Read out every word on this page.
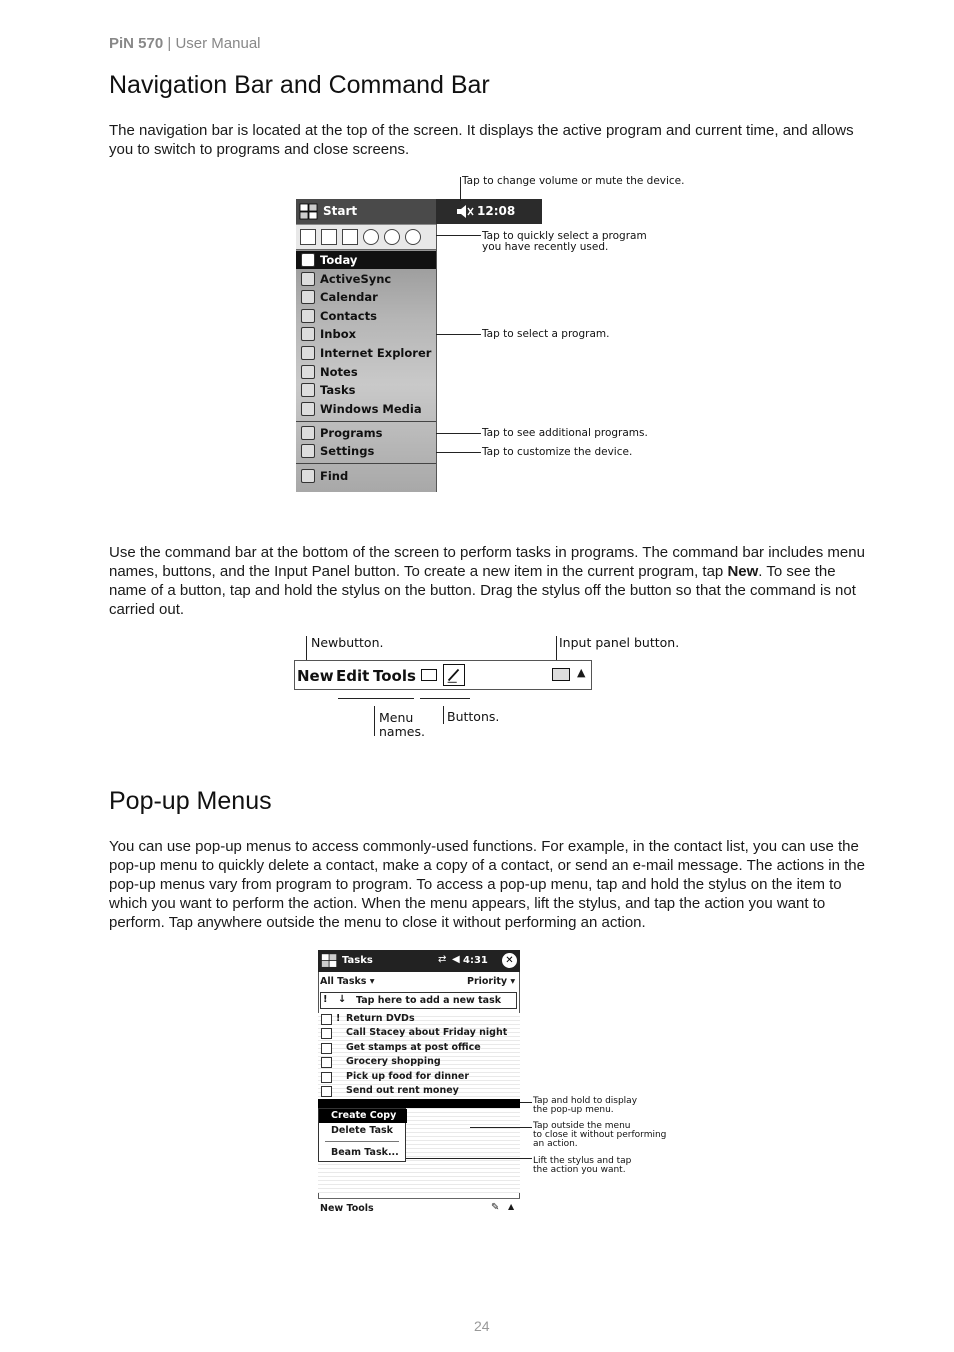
PiN 570 | User Manual
Navigation Bar and Command Bar

The navigation bar is located at the top of the screen. It displays the active program and current time, and allows you to switch to programs and close screens.

Start	12:08
Today
ActiveSync
Calendar
Contacts
Inbox
Internet Explorer
Notes
Tasks
Windows Media
Programs
Settings
Find
Tap to change volume or mute the device.
Tap to quickly select a program
you have recently used.
Tap to select a program.
Tap to see additional programs.
Tap to customize the device.

Use the command bar at the bottom of the screen to perform tasks in programs. The command bar includes menu names, buttons, and the Input Panel button. To create a new item in the current program, tap New. To see the name of a button, tap and hold the stylus on the button. Drag the stylus off the button so that the command is not carried out.

Newbutton.	Input panel button.
New Edit Tools	▲
Menu
names.
Buttons.
Pop-up Menus

You can use pop-up menus to access commonly-used functions. For example, in the contact list, you can use the pop-up menu to quickly delete a contact, make a copy of a contact, or send an e-mail message. The actions in the pop-up menus vary from program to program. To access a pop-up menu, tap and hold the stylus on the item to which you want to perform the action. When the menu appears, lift the stylus, and tap the action you want to perform. Tap anywhere outside the menu to close it without performing an action.

Tasks	⇄ ◀ 4:31	✕
All Tasks ▾	Priority ▾
! ↓ Tap here to add a new task
! Return DVDs
Call Stacey about Friday night
Get stamps at post office
Grocery shopping
Pick up food for dinner
Send out rent money
Create Copy
Delete Task
Beam Task...
New Tools	✎ ▲
Tap and hold to display
the pop-up menu.
Tap outside the menu
to close it without performing
an action.
Lift the stylus and tap
the action you want.
24
